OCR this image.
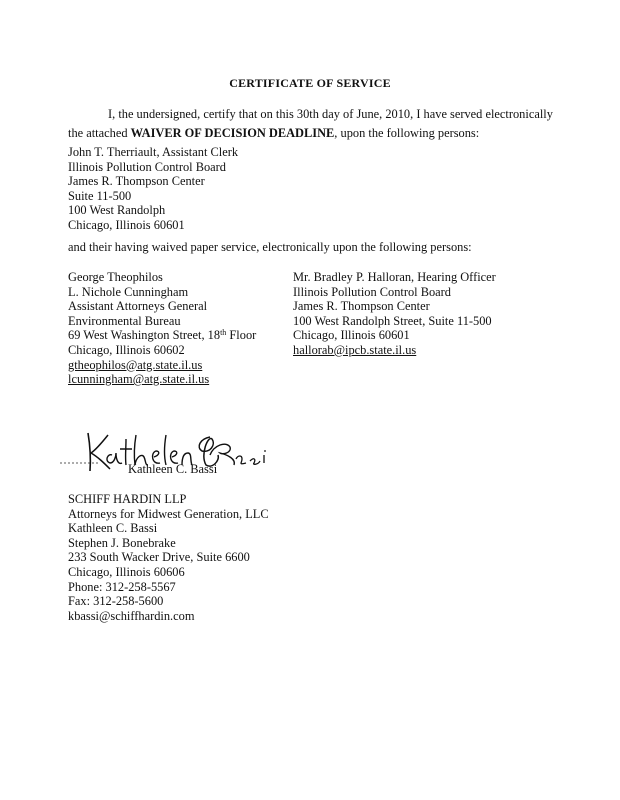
CERTIFICATE OF SERVICE
I, the undersigned, certify that on this 30th day of June, 2010, I have served electronically the attached WAIVER OF DECISION DEADLINE, upon the following persons:
John T. Therriault, Assistant Clerk
Illinois Pollution Control Board
James R. Thompson Center
Suite 11-500
100 West Randolph
Chicago, Illinois 60601
and their having waived paper service, electronically upon the following persons:
George Theophilos
L. Nichole Cunningham
Assistant Attorneys General
Environmental Bureau
69 West Washington Street, 18th Floor
Chicago, Illinois 60602
gtheophilos@atg.state.il.us
lcunningham@atg.state.il.us
Mr. Bradley P. Halloran, Hearing Officer
Illinois Pollution Control Board
James R. Thompson Center
100 West Randolph Street, Suite 11-500
Chicago, Illinois 60601
hallorab@ipcb.state.il.us
Kathleen C. Bassi
SCHIFF HARDIN LLP
Attorneys for Midwest Generation, LLC
Kathleen C. Bassi
Stephen J. Bonebrake
233 South Wacker Drive, Suite 6600
Chicago, Illinois 60606
Phone: 312-258-5567
Fax: 312-258-5600
kbassi@schiffhardin.com
